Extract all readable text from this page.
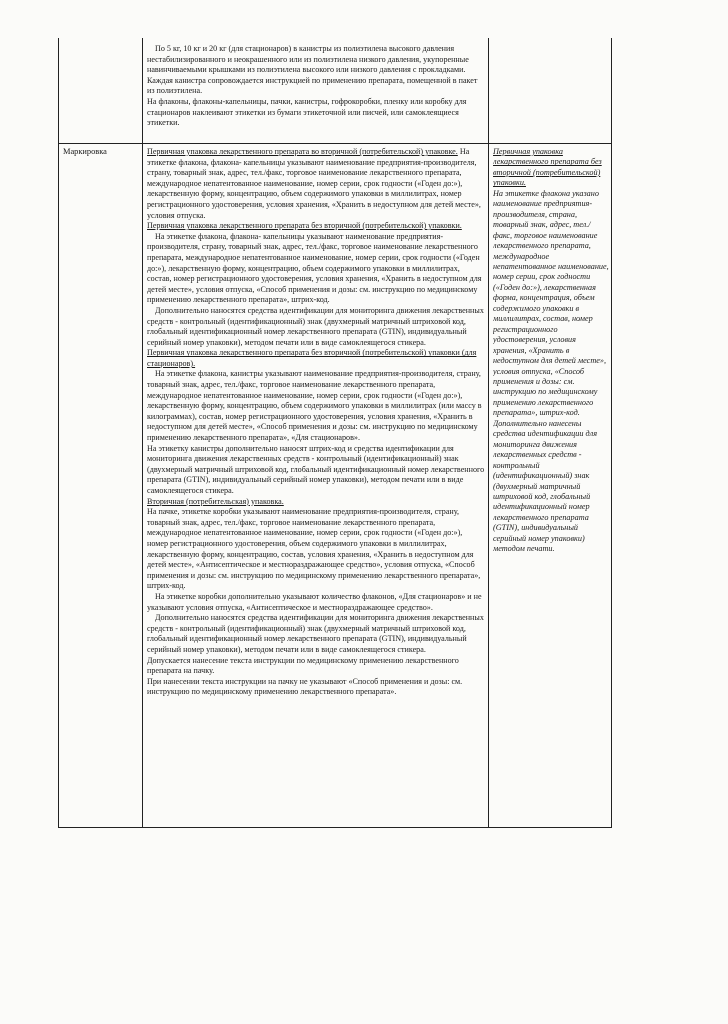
По 5 кг, 10 кг и 20 кг (для стационаров) в канистры из полиэтилена высокого давления нестабилизированного и неокрашенного или из полиэтилена низкого давления, укупоренные навинчиваемыми крышками из полиэтилена высокого или низкого давления с прокладками.

Каждая канистра сопровождается инструкцией по применению препарата, помещенной в пакет из полиэтилена.

На флаконы, флаконы-капельницы, пачки, канистры, гофрокоробки, пленку или коробку для стационаров наклеивают этикетки из бумаги этикеточной или писчей, или самоклеящиеся этикетки.

Маркировка	Первичная упаковка лекарственного препарата во вторичной (потребительской) упаковке. На этикетке флакона, флакона- капельницы указывают наименование предприятия-производителя, страну, товарный знак, адрес, тел./факс, торговое наименование лекарственного препарата, международное непатентованное наименование, номер серии, срок годности («Годен до:»), лекарственную форму, концентрацию, объем содержимого упаковки в миллилитрах, номер регистрационного удостоверения, условия хранения, «Хранить в недоступном для детей месте», условия отпуска.

Первичная упаковка лекарственного препарата без вторичной (потребительской) упаковки.

На этикетке флакона, флакона- капельницы указывают наименование предприятия-производителя, страну, товарный знак, адрес, тел./факс, торговое наименование лекарственного препарата, международное непатентованное наименование, номер серии, срок годности («Годен до:»), лекарственную форму, концентрацию, объем содержимого упаковки в миллилитрах, состав, номер регистрационного удостоверения, условия хранения, «Хранить в недоступном для детей месте», условия отпуска, «Способ применения и дозы: см. инструкцию по медицинскому применению лекарственного препарата», штрих-код.

Дополнительно наносятся средства идентификации для мониторинга движения лекарственных средств - контрольный (идентификационный) знак (двухмерный матричный штриховой код, глобальный идентификационный номер лекарственного препарата (GTIN), индивидуальный серийный номер упаковки), методом печати или в виде самоклеящегося стикера.

Первичная упаковка лекарственного препарата без вторичной (потребительской) упаковки (для стационаров).

На этикетке флакона, канистры указывают наименование предприятия-производителя, страну, товарный знак, адрес, тел./факс, торговое наименование лекарственного препарата, международное непатентованное наименование, номер серии, срок годности («Годен до:»), лекарственную форму, концентрацию, объем содержимого упаковки в миллилитрах (или массу в килограммах), состав, номер регистрационного удостоверения, условия хранения, «Хранить в недоступном для детей месте», «Способ применения и дозы: см. инструкцию по медицинскому применению лекарственного препарата», «Для стационаров».

На этикетку канистры дополнительно наносят штрих-код и средства идентификации для мониторинга движения лекарственных средств - контрольный (идентификационный) знак (двухмерный матричный штриховой код, глобальный идентификационный номер лекарственного препарата (GTIN), индивидуальный серийный номер упаковки), методом печати или в виде самоклеящегося стикера.

Вторичная (потребительская) упаковка.

На пачке, этикетке коробки указывают наименование предприятия-производителя, страну, товарный знак, адрес, тел./факс, торговое наименование лекарственного препарата, международное непатентованное наименование, номер серии, срок годности («Годен до:»), номер регистрационного удостоверения, объем содержимого упаковки в миллилитрах, лекарственную форму, концентрацию, состав, условия хранения, «Хранить в недоступном для детей месте», «Антисептическое и местнораздражающее средство», условия отпуска, «Способ применения и дозы: см. инструкцию по медицинскому применению лекарственного препарата», штрих-код.

На этикетке коробки дополнительно указывают количество флаконов, «Для стационаров» и не указывают условия отпуска, «Антисептическое и местнораздражающее средство».

Дополнительно наносятся средства идентификации для мониторинга движения лекарственных средств - контрольный (идентификационный) знак (двухмерный матричный штриховой код, глобальный идентификационный номер лекарственного препарата (GTIN), индивидуальный серийный номер упаковки), методом печати или в виде самоклеящегося стикера.

Допускается нанесение текста инструкции по медицинскому применению лекарственного препарата на пачку.

При нанесении текста инструкции на пачку не указывают «Способ применения и дозы: см. инструкцию по медицинскому применению лекарственного препарата».

Первичная упаковка лекарственного препарата без вторичной (потребительской) упаковки.

На этикетке флакона указано наименование предприятия-производителя, страна, товарный знак, адрес, тел./факс, торговое наименование лекарственного препарата, международное непатентованное наименование, номер серии, срок годности («Годен до:»), лекарственная форма, концентрация, объем содержимого упаковки в миллилитрах, состав, номер регистрационного удостоверения, условия хранения, «Хранить в недоступном для детей месте», условия отпуска, «Способ применения и дозы: см. инструкцию по медицинскому применению лекарственного препарата», штрих-код. Дополнительно нанесены средства идентификации для мониторинга движения лекарственных средств - контрольный (идентификационный) знак (двухмерный матричный штриховой код, глобальный идентификационный номер лекарственного препарата (GTIN), индивидуальный серийный номер упаковки) методом печати.
